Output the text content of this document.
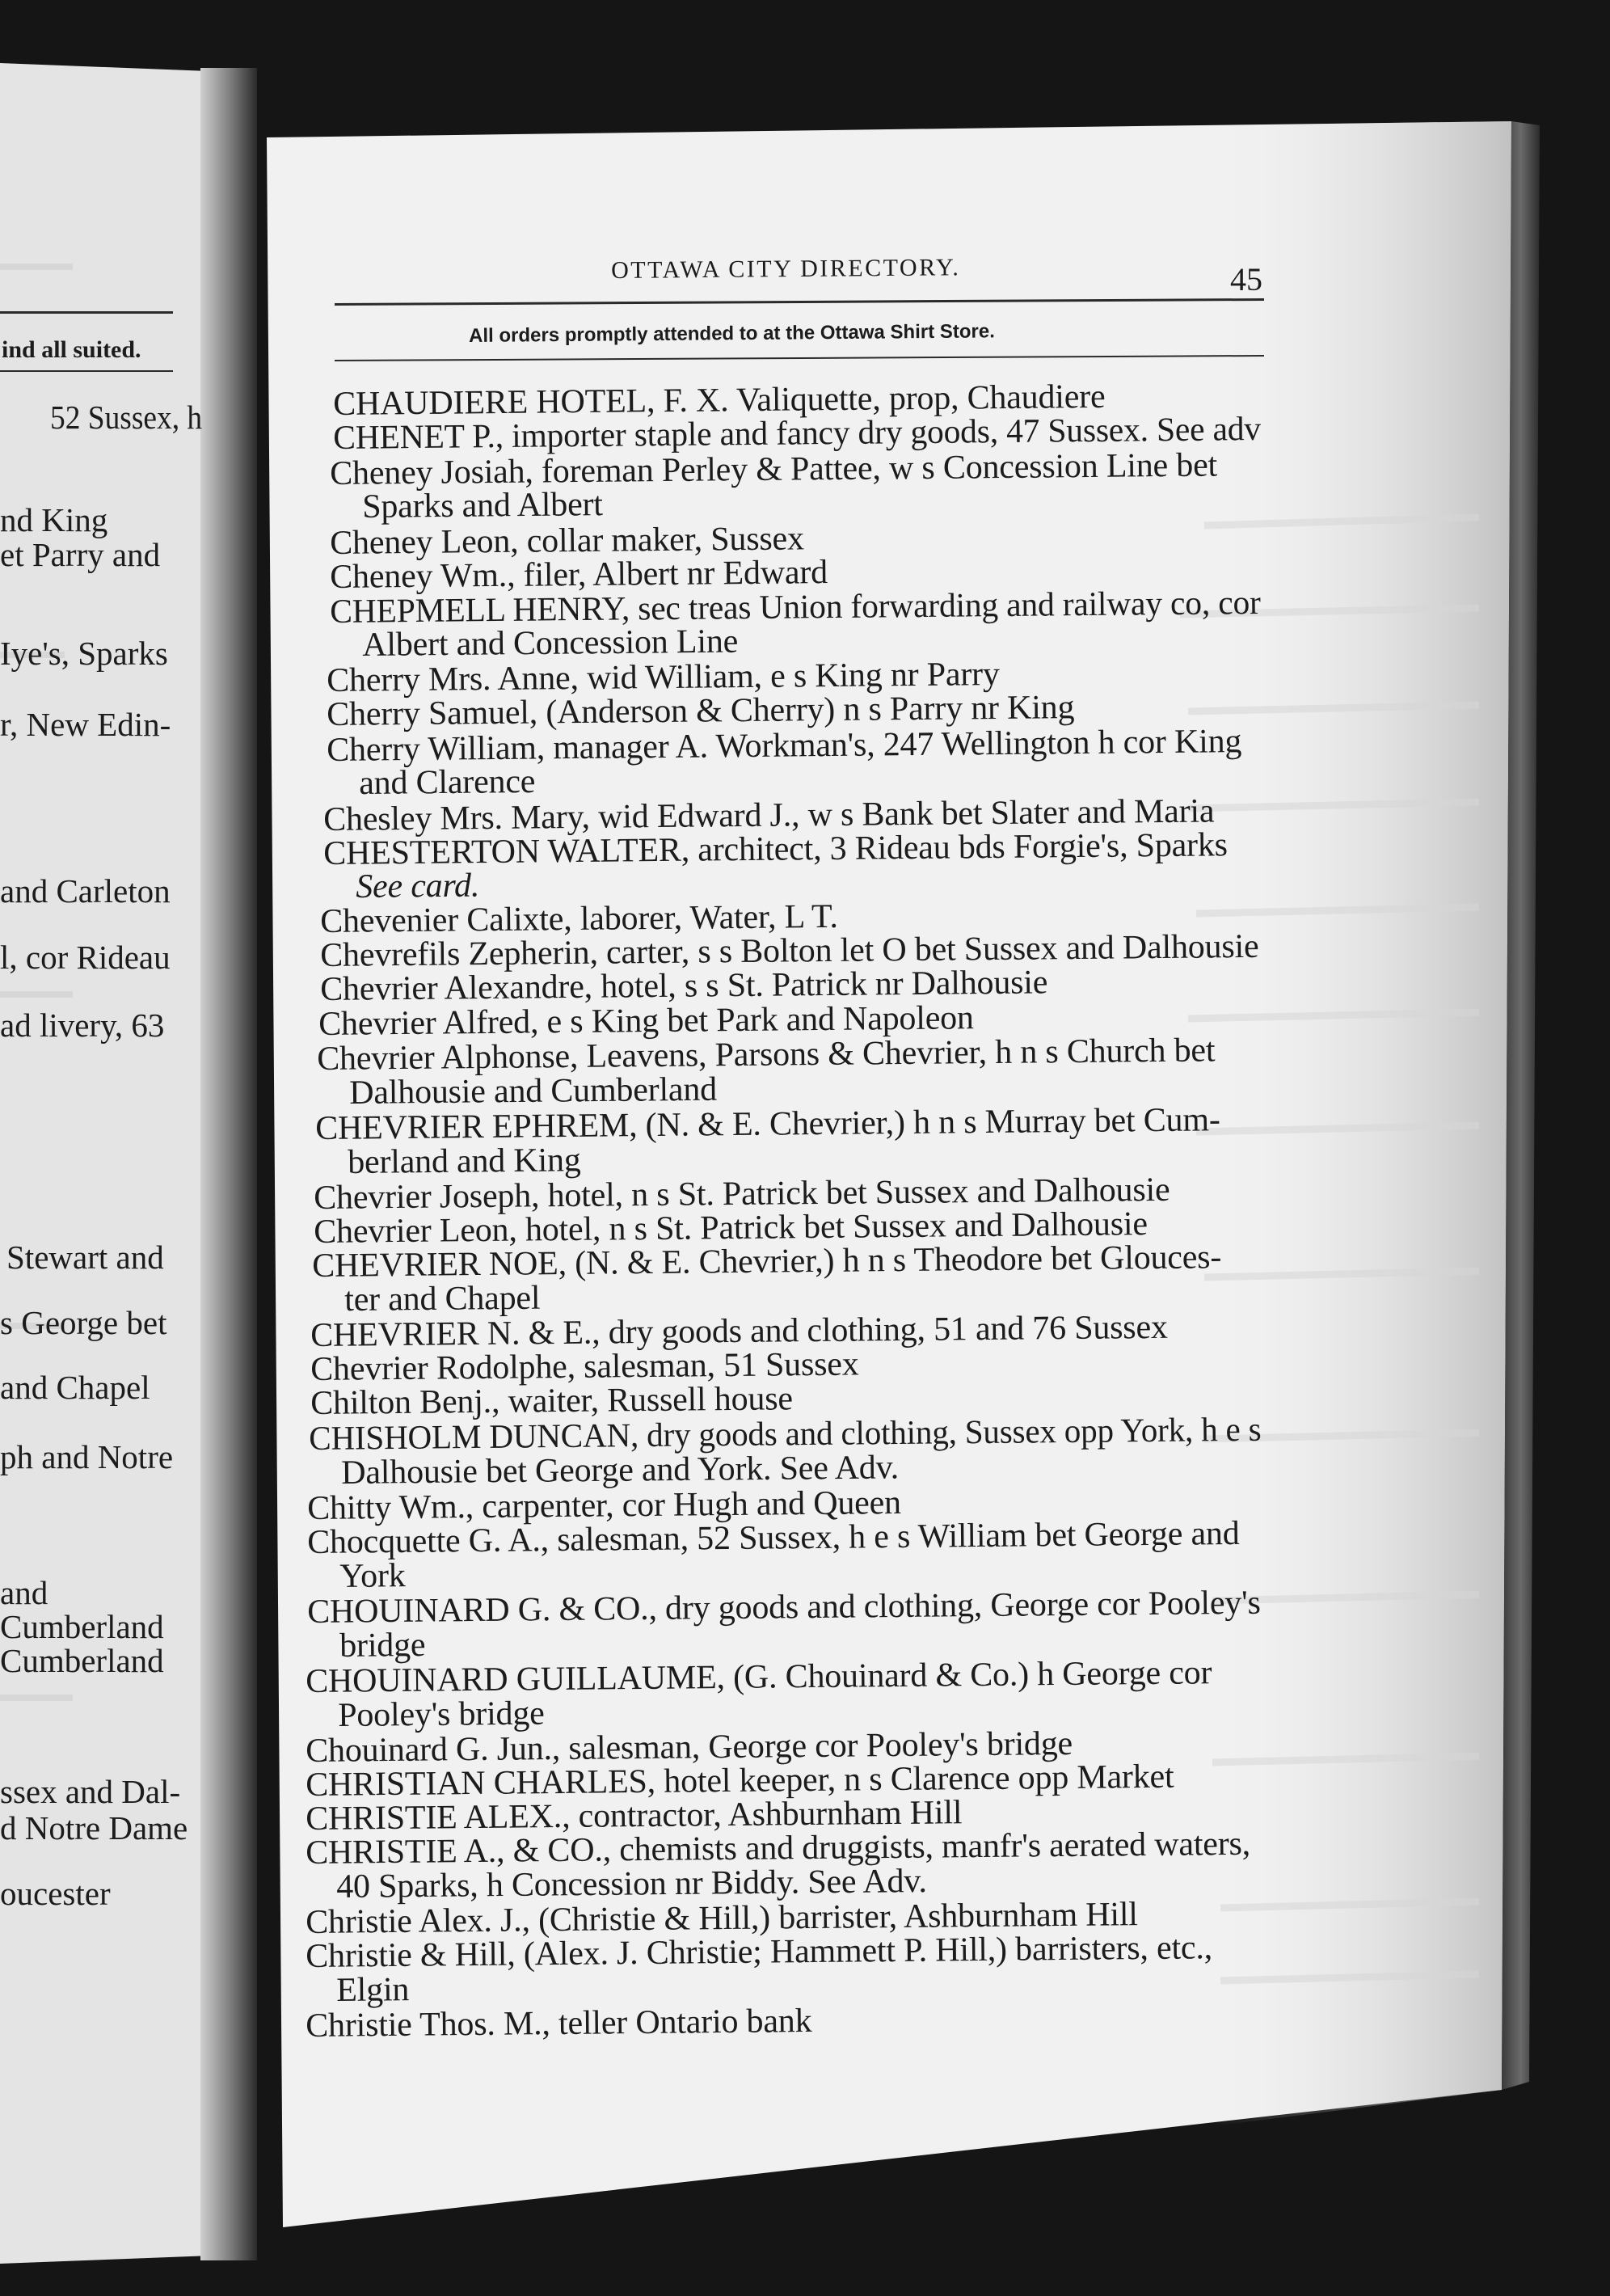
ind all suited.
52 Sussex, h
nd King
et Parry and
Iye's, Sparks
r, New Edin-
and Carleton
l, cor Rideau
ad livery, 63
Stewart and
s George bet
and Chapel
ph and Notre
and
Cumberland
Cumberland
ssex and Dal-
d Notre Dame
oucester
OTTAWA CITY DIRECTORY.	45
All orders promptly attended to at the Ottawa Shirt Store.
CHAUDIERE HOTEL, F. X. Valiquette, prop, Chaudiere
CHENET P., importer staple and fancy dry goods, 47 Sussex. See adv
Cheney Josiah, foreman Perley & Pattee, w s Concession Line bet
Sparks and Albert
Cheney Leon, collar maker, Sussex
Cheney Wm., filer, Albert nr Edward
CHEPMELL HENRY, sec treas Union forwarding and railway co, cor
Albert and Concession Line
Cherry Mrs. Anne, wid William, e s King nr Parry
Cherry Samuel, (Anderson & Cherry) n s Parry nr King
Cherry William, manager A. Workman's, 247 Wellington h cor King
and Clarence
Chesley Mrs. Mary, wid Edward J., w s Bank bet Slater and Maria
CHESTERTON WALTER, architect, 3 Rideau bds Forgie's, Sparks
See card.
Chevenier Calixte, laborer, Water, L T.
Chevrefils Zepherin, carter, s s Bolton let O bet Sussex and Dalhousie
Chevrier Alexandre, hotel, s s St. Patrick nr Dalhousie
Chevrier Alfred, e s King bet Park and Napoleon
Chevrier Alphonse, Leavens, Parsons & Chevrier, h n s Church bet
Dalhousie and Cumberland
CHEVRIER EPHREM, (N. & E. Chevrier,) h n s Murray bet Cum-
berland and King
Chevrier Joseph, hotel, n s St. Patrick bet Sussex and Dalhousie
Chevrier Leon, hotel, n s St. Patrick bet Sussex and Dalhousie
CHEVRIER NOE, (N. & E. Chevrier,) h n s Theodore bet Glouces-
ter and Chapel
CHEVRIER N. & E., dry goods and clothing, 51 and 76 Sussex
Chevrier Rodolphe, salesman, 51 Sussex
Chilton Benj., waiter, Russell house
CHISHOLM DUNCAN, dry goods and clothing, Sussex opp York, h e s
Dalhousie bet George and York. See Adv.
Chitty Wm., carpenter, cor Hugh and Queen
Chocquette G. A., salesman, 52 Sussex, h e s William bet George and
York
CHOUINARD G. & CO., dry goods and clothing, George cor Pooley's
bridge
CHOUINARD GUILLAUME, (G. Chouinard & Co.) h George cor
Pooley's bridge
Chouinard G. Jun., salesman, George cor Pooley's bridge
CHRISTIAN CHARLES, hotel keeper, n s Clarence opp Market
CHRISTIE ALEX., contractor, Ashburnham Hill
CHRISTIE A., & CO., chemists and druggists, manfr's aerated waters,
40 Sparks, h Concession nr Biddy. See Adv.
Christie Alex. J., (Christie & Hill,) barrister, Ashburnham Hill
Christie & Hill, (Alex. J. Christie; Hammett P. Hill,) barristers, etc.,
Elgin
Christie Thos. M., teller Ontario bank
